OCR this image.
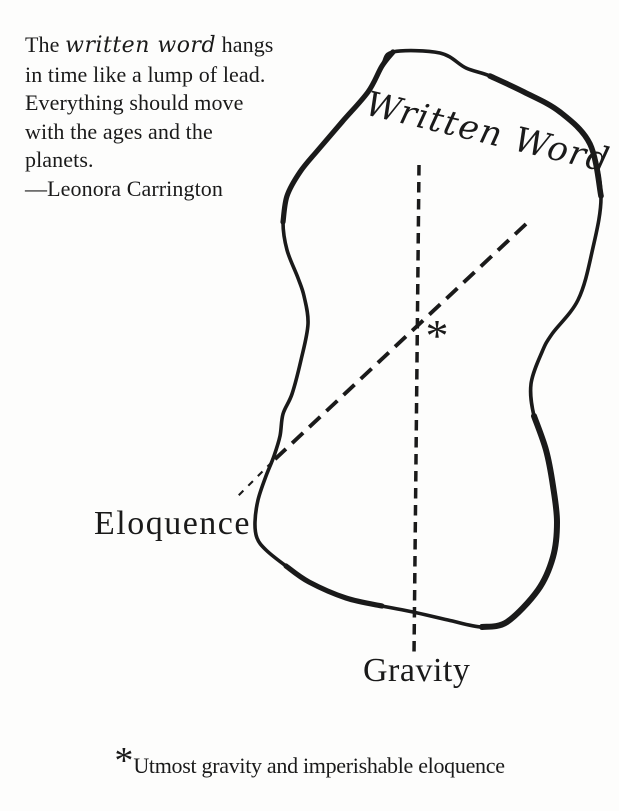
The written word hangs
in time like a lump of lead.
Everything should move
with the ages and the
planets.
—Leonora Carrington
*
Written Word
Eloquence
Gravity
*Utmost gravity and imperishable eloquence
